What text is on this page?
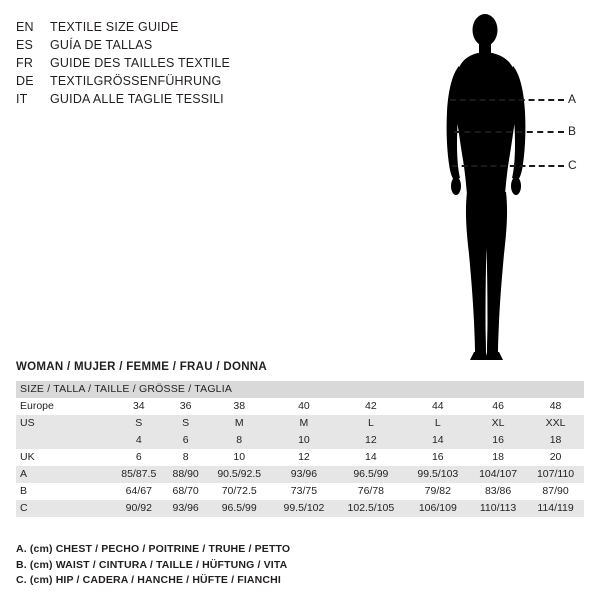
EN	TEXTILE SIZE GUIDE
ES	GUÍA DE TALLAS
FR	GUIDE DES TAILLES TEXTILE
DE	TEXTILGRÖSSENFÜHRUNG
IT	GUIDA ALLE TAGLIE TESSILI	A
B
C
WOMAN / MUJER / FEMME / FRAU / DONNA
SIZE / TALLA / TAILLE / GRÖSSE / TAGLIA								
Europe	34	36	38	40	42	44	46	48
US	S	S	M	M	L	L	XL	XXL
	4	6	8	10	12	14	16	18
UK	6	8	10	12	14	16	18	20
A	85/87.5	88/90	90.5/92.5	93/96	96.5/99	99.5/103	104/107	107/110
B	64/67	68/70	70/72.5	73/75	76/78	79/82	83/86	87/90
C	90/92	93/96	96.5/99	99.5/102	102.5/105	106/109	110/113	114/119
A. (cm) CHEST / PECHO / POITRINE / TRUHE / PETTO
B. (cm) WAIST / CINTURA / TAILLE / HÜFTUNG / VITA
C. (cm) HIP / CADERA / HANCHE / HÜFTE / FIANCHI
